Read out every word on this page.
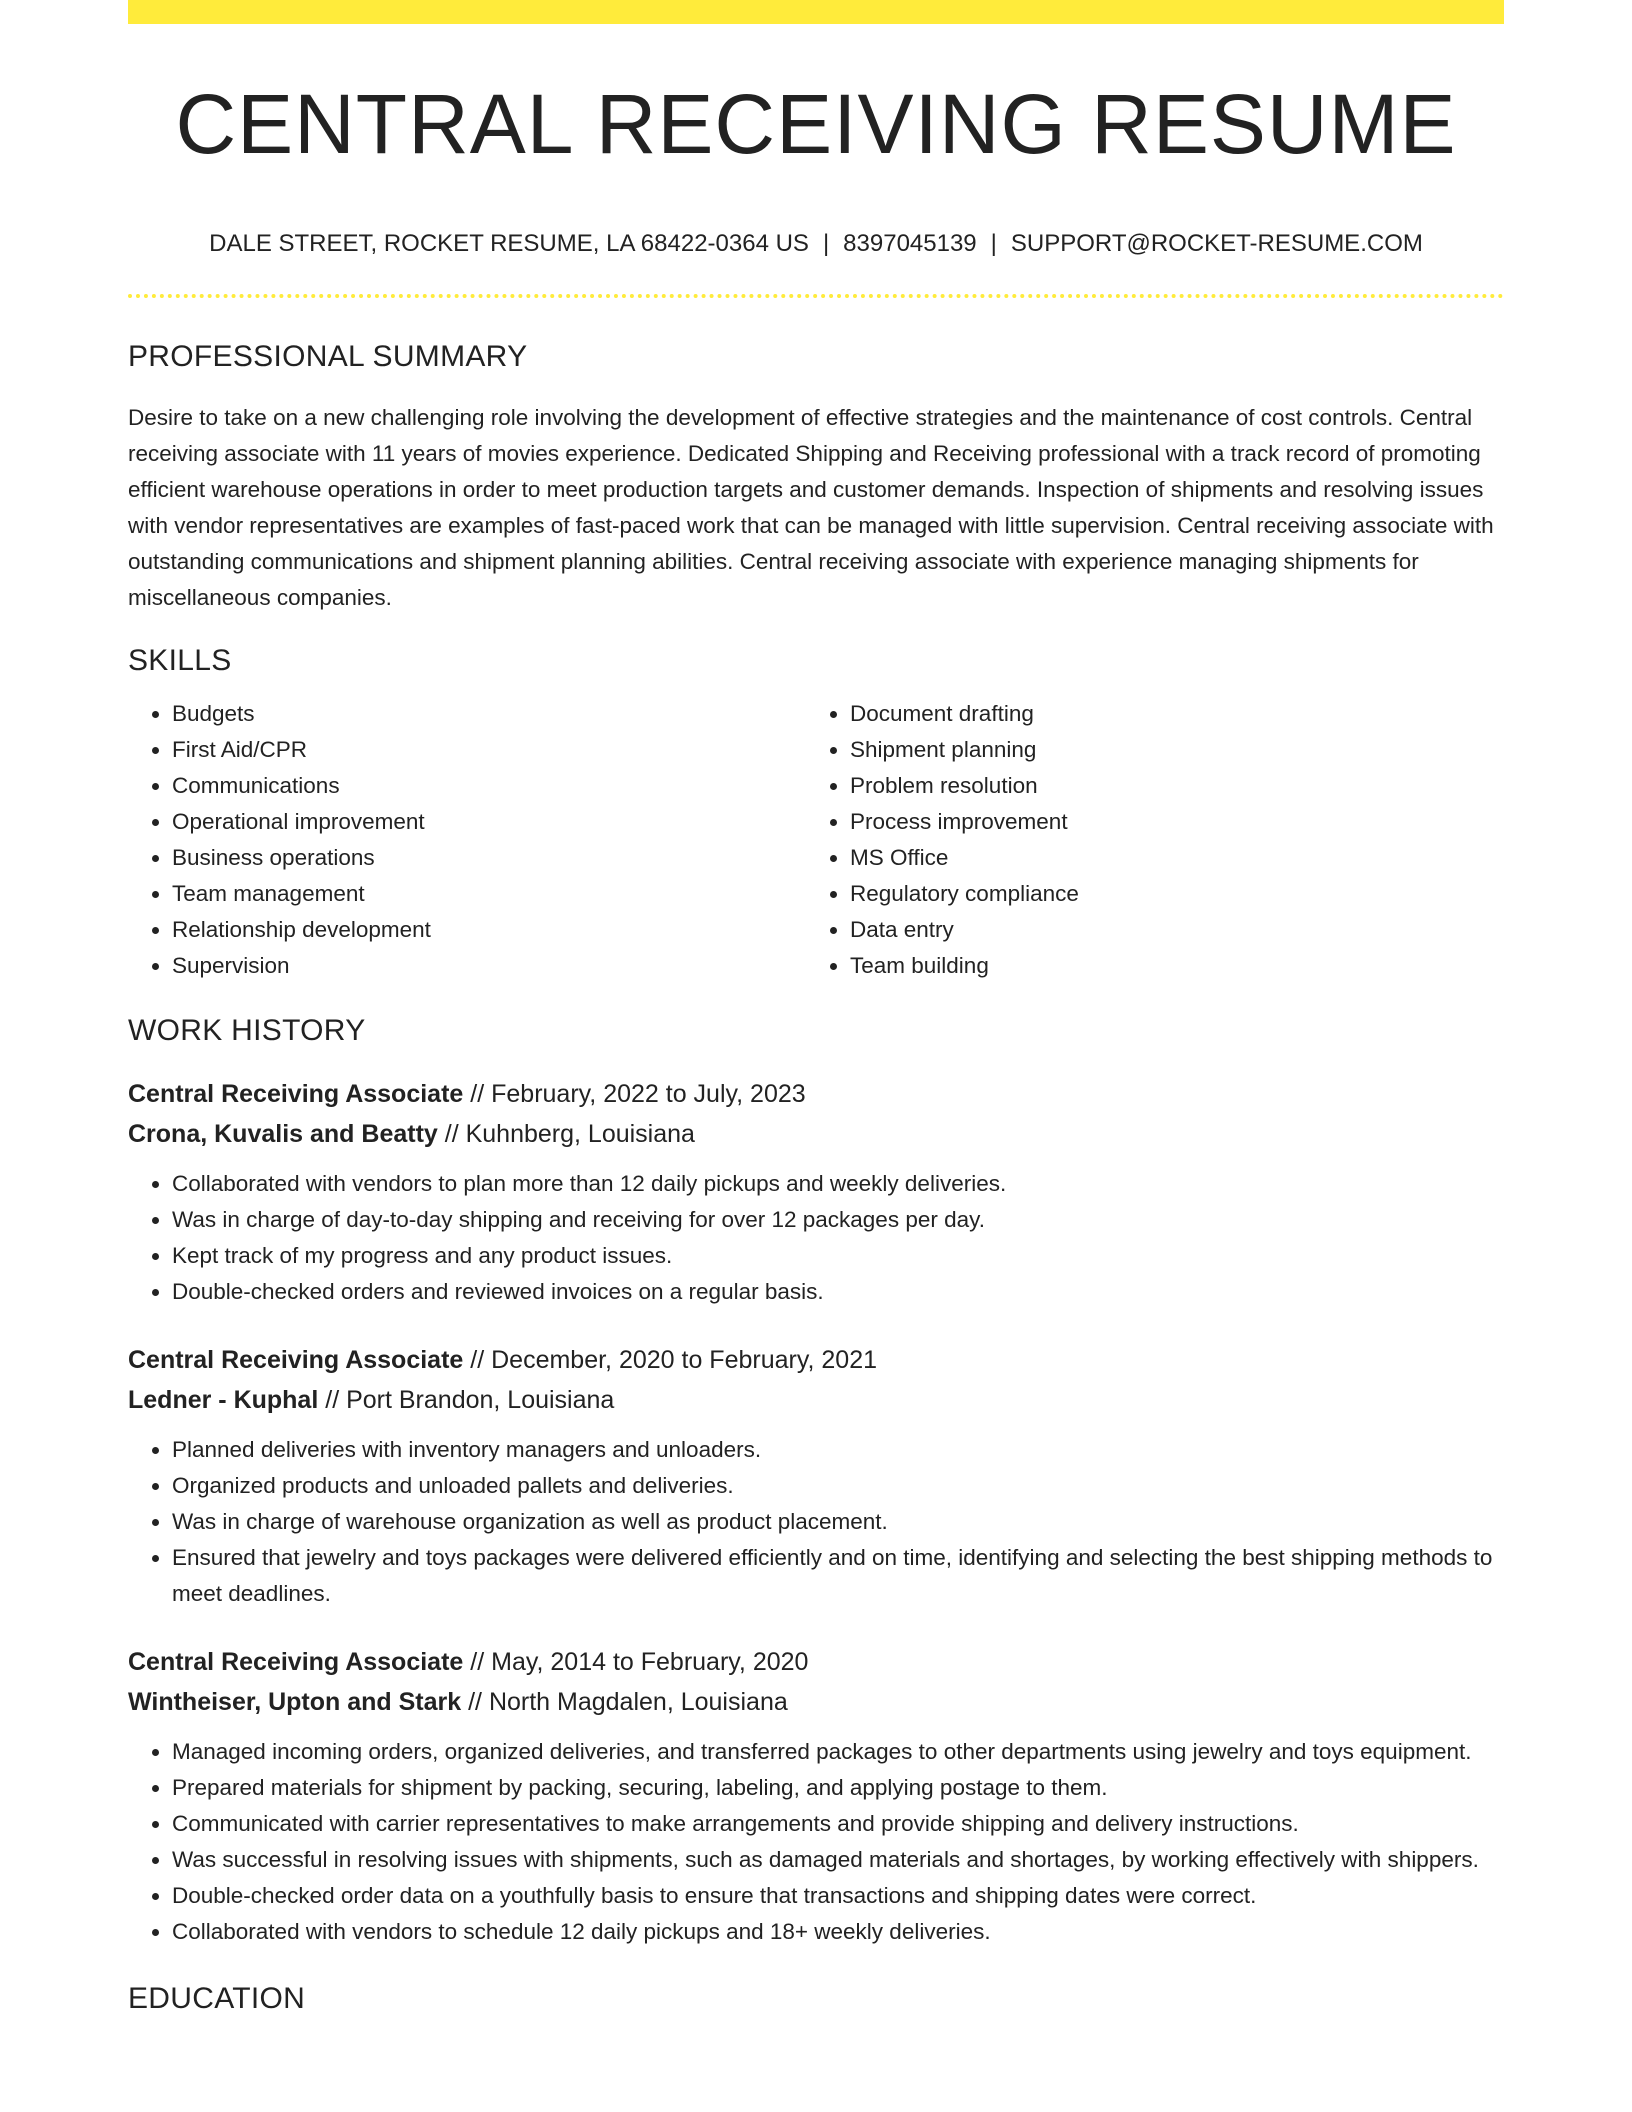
CENTRAL RECEIVING RESUME
DALE STREET, ROCKET RESUME, LA 68422-0364 US | 8397045139 | SUPPORT@ROCKET-RESUME.COM
PROFESSIONAL SUMMARY

Desire to take on a new challenging role involving the development of effective strategies and the maintenance of cost controls. Central receiving associate with 11 years of movies experience. Dedicated Shipping and Receiving professional with a track record of promoting efficient warehouse operations in order to meet production targets and customer demands. Inspection of shipments and resolving issues with vendor representatives are examples of fast-paced work that can be managed with little supervision. Central receiving associate with outstanding communications and shipment planning abilities. Central receiving associate with experience managing shipments for miscellaneous companies.

SKILLS
• Budgets
• First Aid/CPR
• Communications
• Operational improvement
• Business operations
• Team management
• Relationship development
• Supervision
• Document drafting
• Shipment planning
• Problem resolution
• Process improvement
• MS Office
• Regulatory compliance
• Data entry
• Team building
WORK HISTORY
Central Receiving Associate // February, 2022 to July, 2023
Crona, Kuvalis and Beatty // Kuhnberg, Louisiana
• Collaborated with vendors to plan more than 12 daily pickups and weekly deliveries.
• Was in charge of day-to-day shipping and receiving for over 12 packages per day.
• Kept track of my progress and any product issues.
• Double-checked orders and reviewed invoices on a regular basis.
Central Receiving Associate // December, 2020 to February, 2021
Ledner - Kuphal // Port Brandon, Louisiana
• Planned deliveries with inventory managers and unloaders.
• Organized products and unloaded pallets and deliveries.
• Was in charge of warehouse organization as well as product placement.
• Ensured that jewelry and toys packages were delivered efficiently and on time, identifying and selecting the best shipping methods to meet deadlines.
Central Receiving Associate // May, 2014 to February, 2020
Wintheiser, Upton and Stark // North Magdalen, Louisiana
• Managed incoming orders, organized deliveries, and transferred packages to other departments using jewelry and toys equipment.
• Prepared materials for shipment by packing, securing, labeling, and applying postage to them.
• Communicated with carrier representatives to make arrangements and provide shipping and delivery instructions.
• Was successful in resolving issues with shipments, such as damaged materials and shortages, by working effectively with shippers.
• Double-checked order data on a youthfully basis to ensure that transactions and shipping dates were correct.
• Collaborated with vendors to schedule 12 daily pickups and 18+ weekly deliveries.
EDUCATION
